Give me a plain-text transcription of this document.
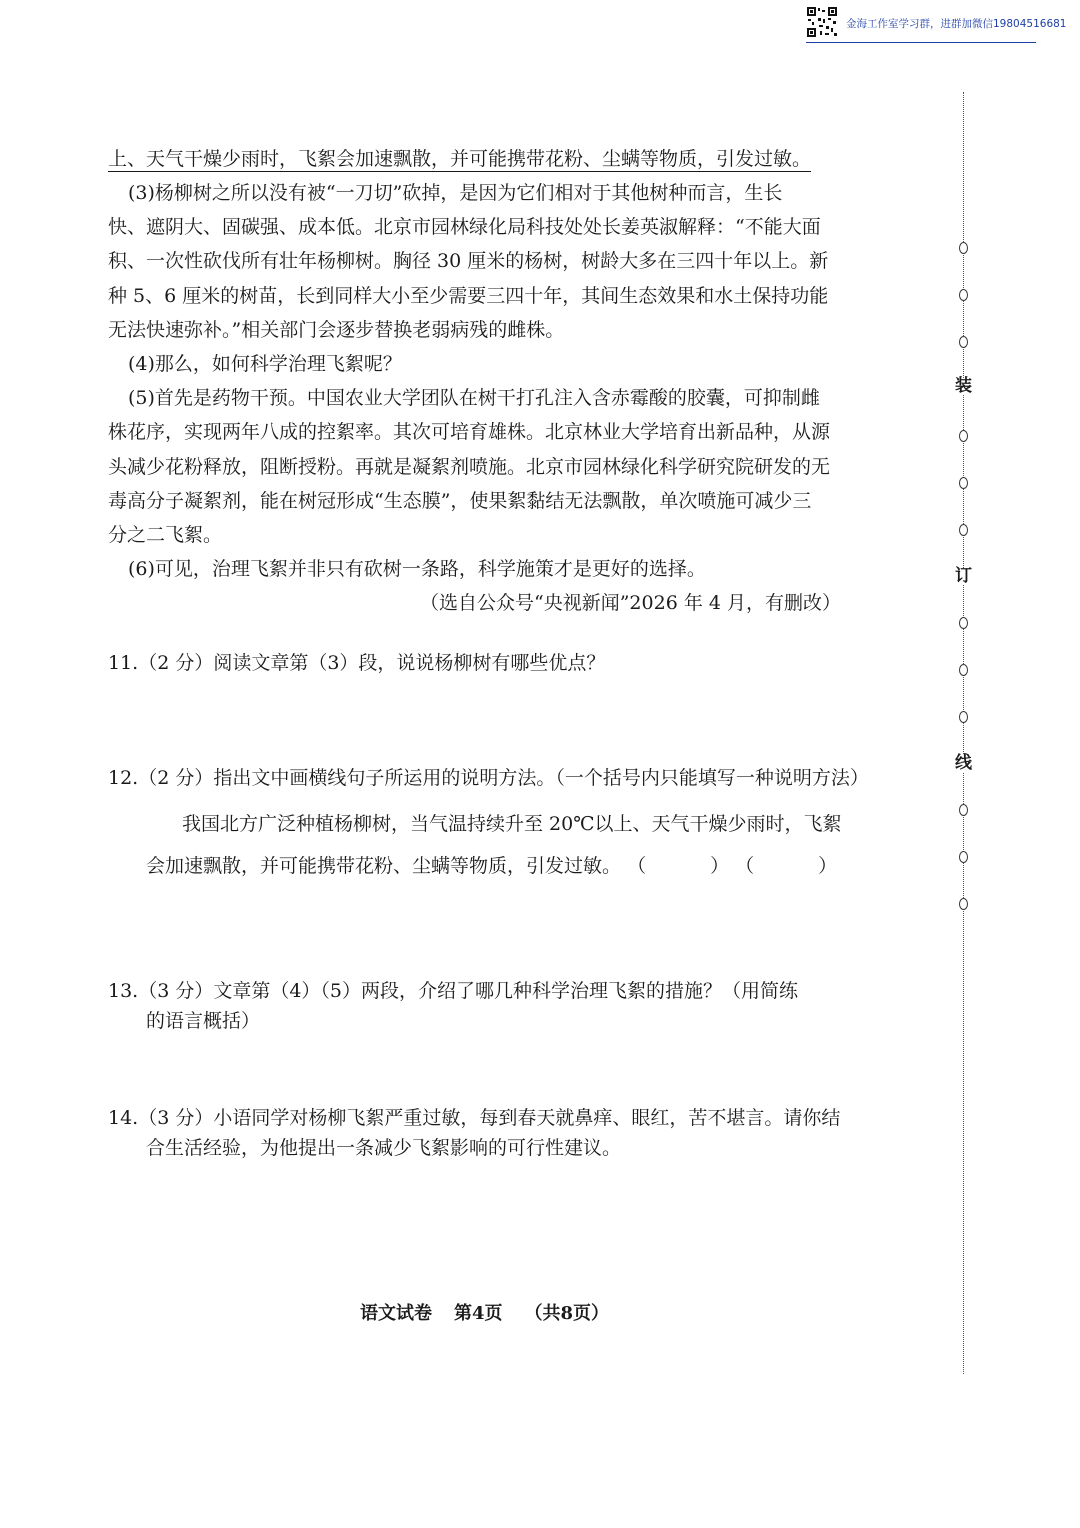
金海工作室学习群，进群加微信19804516681
上、天气干燥少雨时，飞絮会加速飘散，并可能携带花粉、尘螨等物质，引发过敏。
(3)杨柳树之所以没有被“一刀切”砍掉，是因为它们相对于其他树种而言，生长
快、遮阴大、固碳强、成本低。北京市园林绿化局科技处处长姜英淑解释：“不能大面
积、一次性砍伐所有壮年杨柳树。胸径 30 厘米的杨树，树龄大多在三四十年以上。新
种 5、6 厘米的树苗，长到同样大小至少需要三四十年，其间生态效果和水土保持功能
无法快速弥补。”相关部门会逐步替换老弱病残的雌株。
(4)那么，如何科学治理飞絮呢？
(5)首先是药物干预。中国农业大学团队在树干打孔注入含赤霉酸的胶囊，可抑制雌
株花序，实现两年八成的控絮率。其次可培育雄株。北京林业大学培育出新品种，从源
头减少花粉释放，阻断授粉。再就是凝絮剂喷施。北京市园林绿化科学研究院研发的无
毒高分子凝絮剂，能在树冠形成“生态膜”，使果絮黏结无法飘散，单次喷施可减少三
分之二飞絮。
(6)可见，治理飞絮并非只有砍树一条路，科学施策才是更好的选择。
（选自公众号“央视新闻”2026 年 4 月，有删改）
11.（2 分）阅读文章第（3）段，说说杨柳树有哪些优点？
12.（2 分）指出文中画横线句子所运用的说明方法。（一个括号内只能填写一种说明方法）
我国北方广泛种植杨柳树，当气温持续升至 20℃以上、天气干燥少雨时，飞絮
会加速飘散，并可能携带花粉、尘螨等物质，引发过敏。 （	） （	）
13.（3 分）文章第（4）（5）两段，介绍了哪几种科学治理飞絮的措施？（用简练
的语言概括）
14.（3 分）小语同学对杨柳飞絮严重过敏，每到春天就鼻痒、眼红，苦不堪言。请你结
合生活经验，为他提出一条减少飞絮影响的可行性建议。
语文试卷 第4页 （共8页）
装
订
线
